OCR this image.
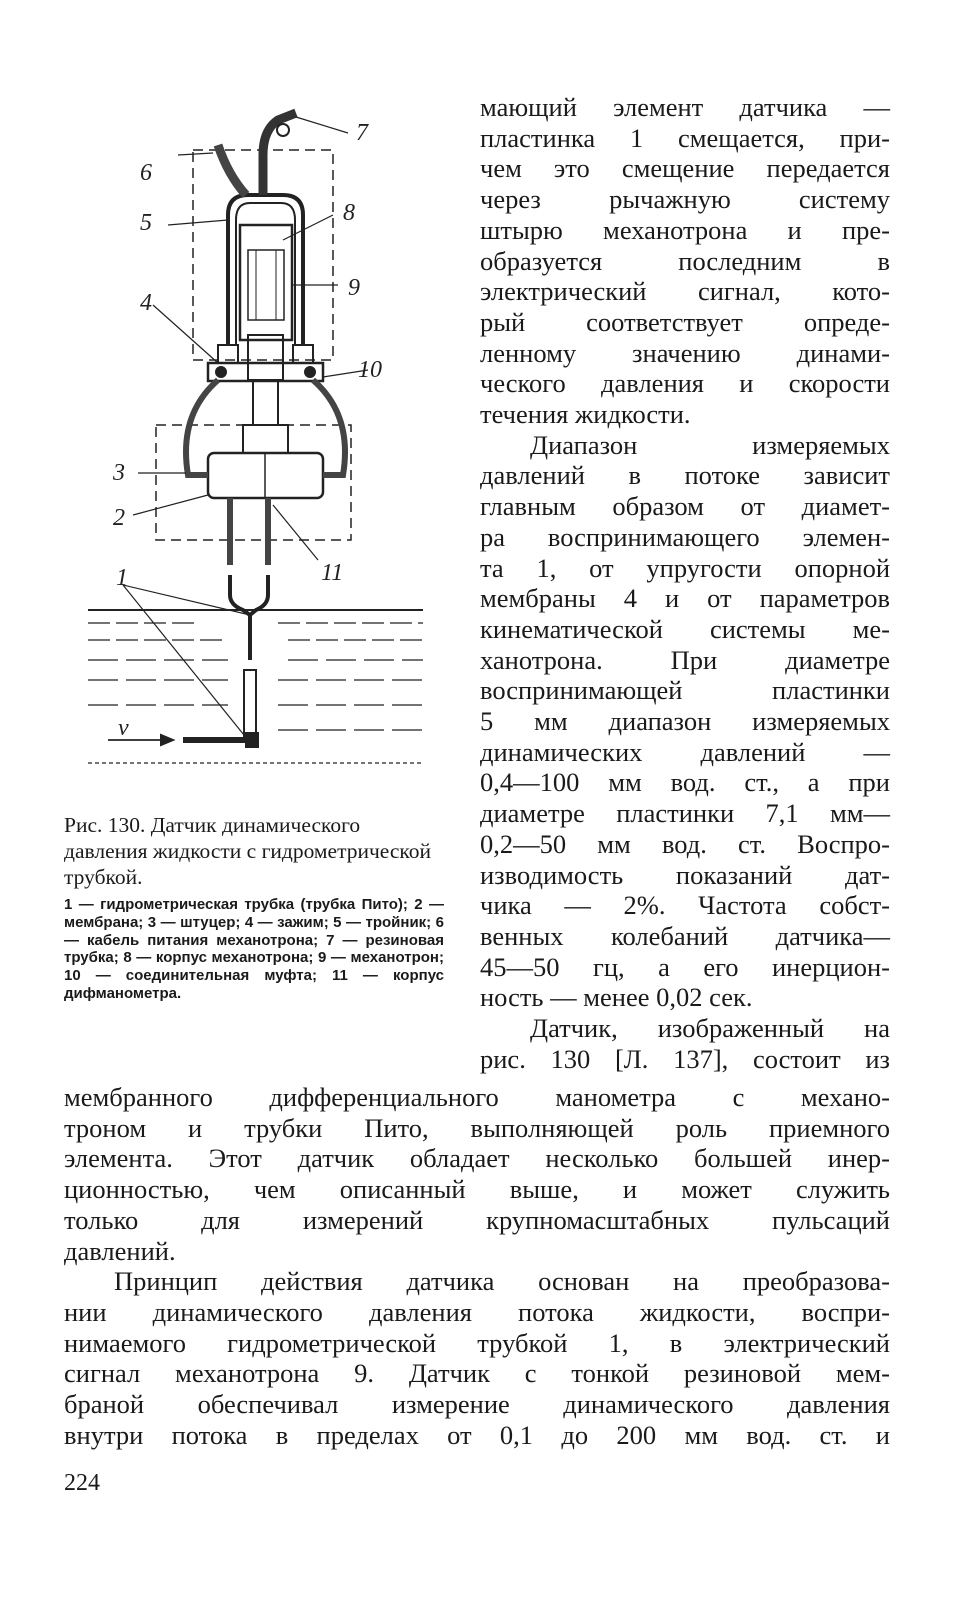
7
6
5	8
9
4
10
3
2
11
1
v
Рис. 130. Датчик динамического давления жидкости с гидрометрической трубкой.
1 — гидрометрическая трубка (трубка Пито); 2 — мембрана; 3 — штуцер; 4 — зажим; 5 — тройник; 6 — кабель питания механотрона; 7 — резиновая трубка; 8 — корпус механотрона; 9 — механотрон; 10 — соединительная муфта; 11 — корпус дифманометра.
мающий элемент датчика —
пластинка 1 смещается, при-
чем это смещение передается
через рычажную систему
штырю механотрона и пре-
образуется последним в
электрический сигнал, кото-
рый соответствует опреде-
ленному значению динами-
ческого давления и скорости
течения жидкости.
Диапазон измеряемых
давлений в потоке зависит
главным образом от диамет-
ра воспринимающего элемен-
та 1, от упругости опорной
мембраны 4 и от параметров
кинематической системы ме-
ханотрона. При диаметре
воспринимающей пластинки
5 мм диапазон измеряемых
динамических давлений —
0,4—100 мм вод. ст., а при
диаметре пластинки 7,1 мм—
0,2—50 мм вод. ст. Воспро-
изводимость показаний дат-
чика — 2%. Частота собст-
венных колебаний датчика—
45—50 гц, а его инерцион-
ность — менее 0,02 сек.
Датчик, изображенный на
рис. 130 [Л. 137], состоит из
мембранного дифференциального манометра с механо-
троном и трубки Пито, выполняющей роль приемного
элемента. Этот датчик обладает несколько большей инер-
ционностью, чем описанный выше, и может служить
только для измерений крупномасштабных пульсаций
давлений.
Принцип действия датчика основан на преобразова-
нии динамического давления потока жидкости, воспри-
нимаемого гидрометрической трубкой 1, в электрический
сигнал механотрона 9. Датчик с тонкой резиновой мем-
браной обеспечивал измерение динамического давления
внутри потока в пределах от 0,1 до 200 мм вод. ст. и
224
